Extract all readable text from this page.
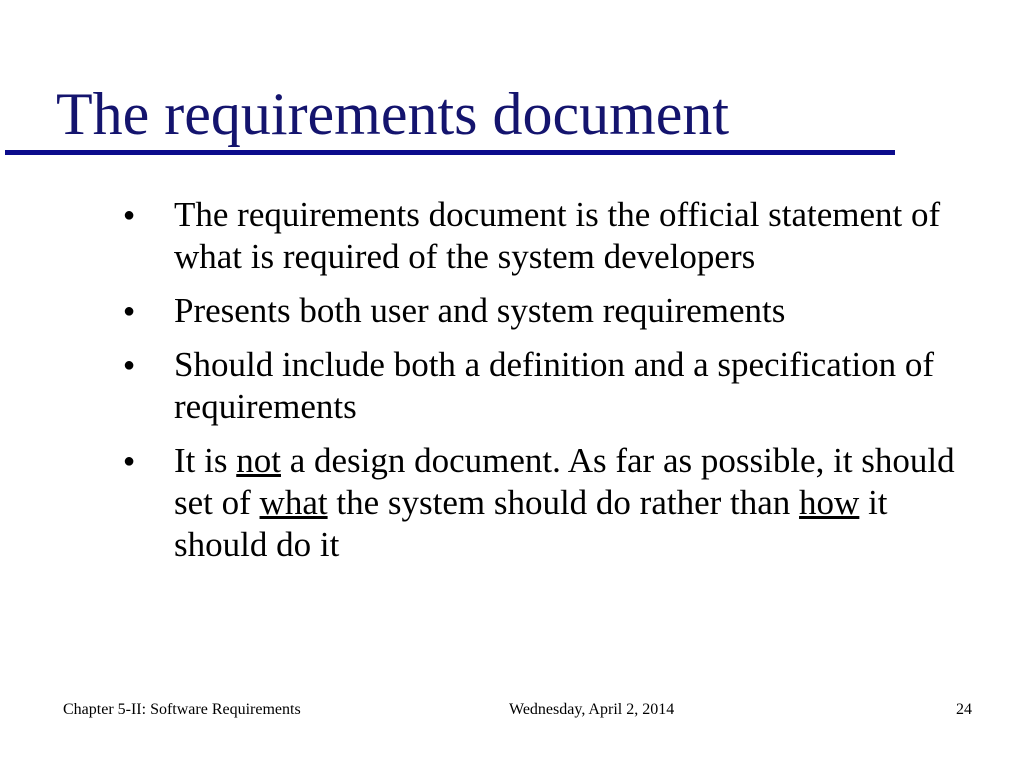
The requirements document
● The requirements document is the official statement of what is required of the system developers
● Presents both user and system requirements
● Should include both a definition and a specification of requirements
● It is not a design document. As far as possible, it should set of what the system should do rather than how it should do it
Chapter 5-II: Software Requirements	Wednesday, April 2, 2014	24
